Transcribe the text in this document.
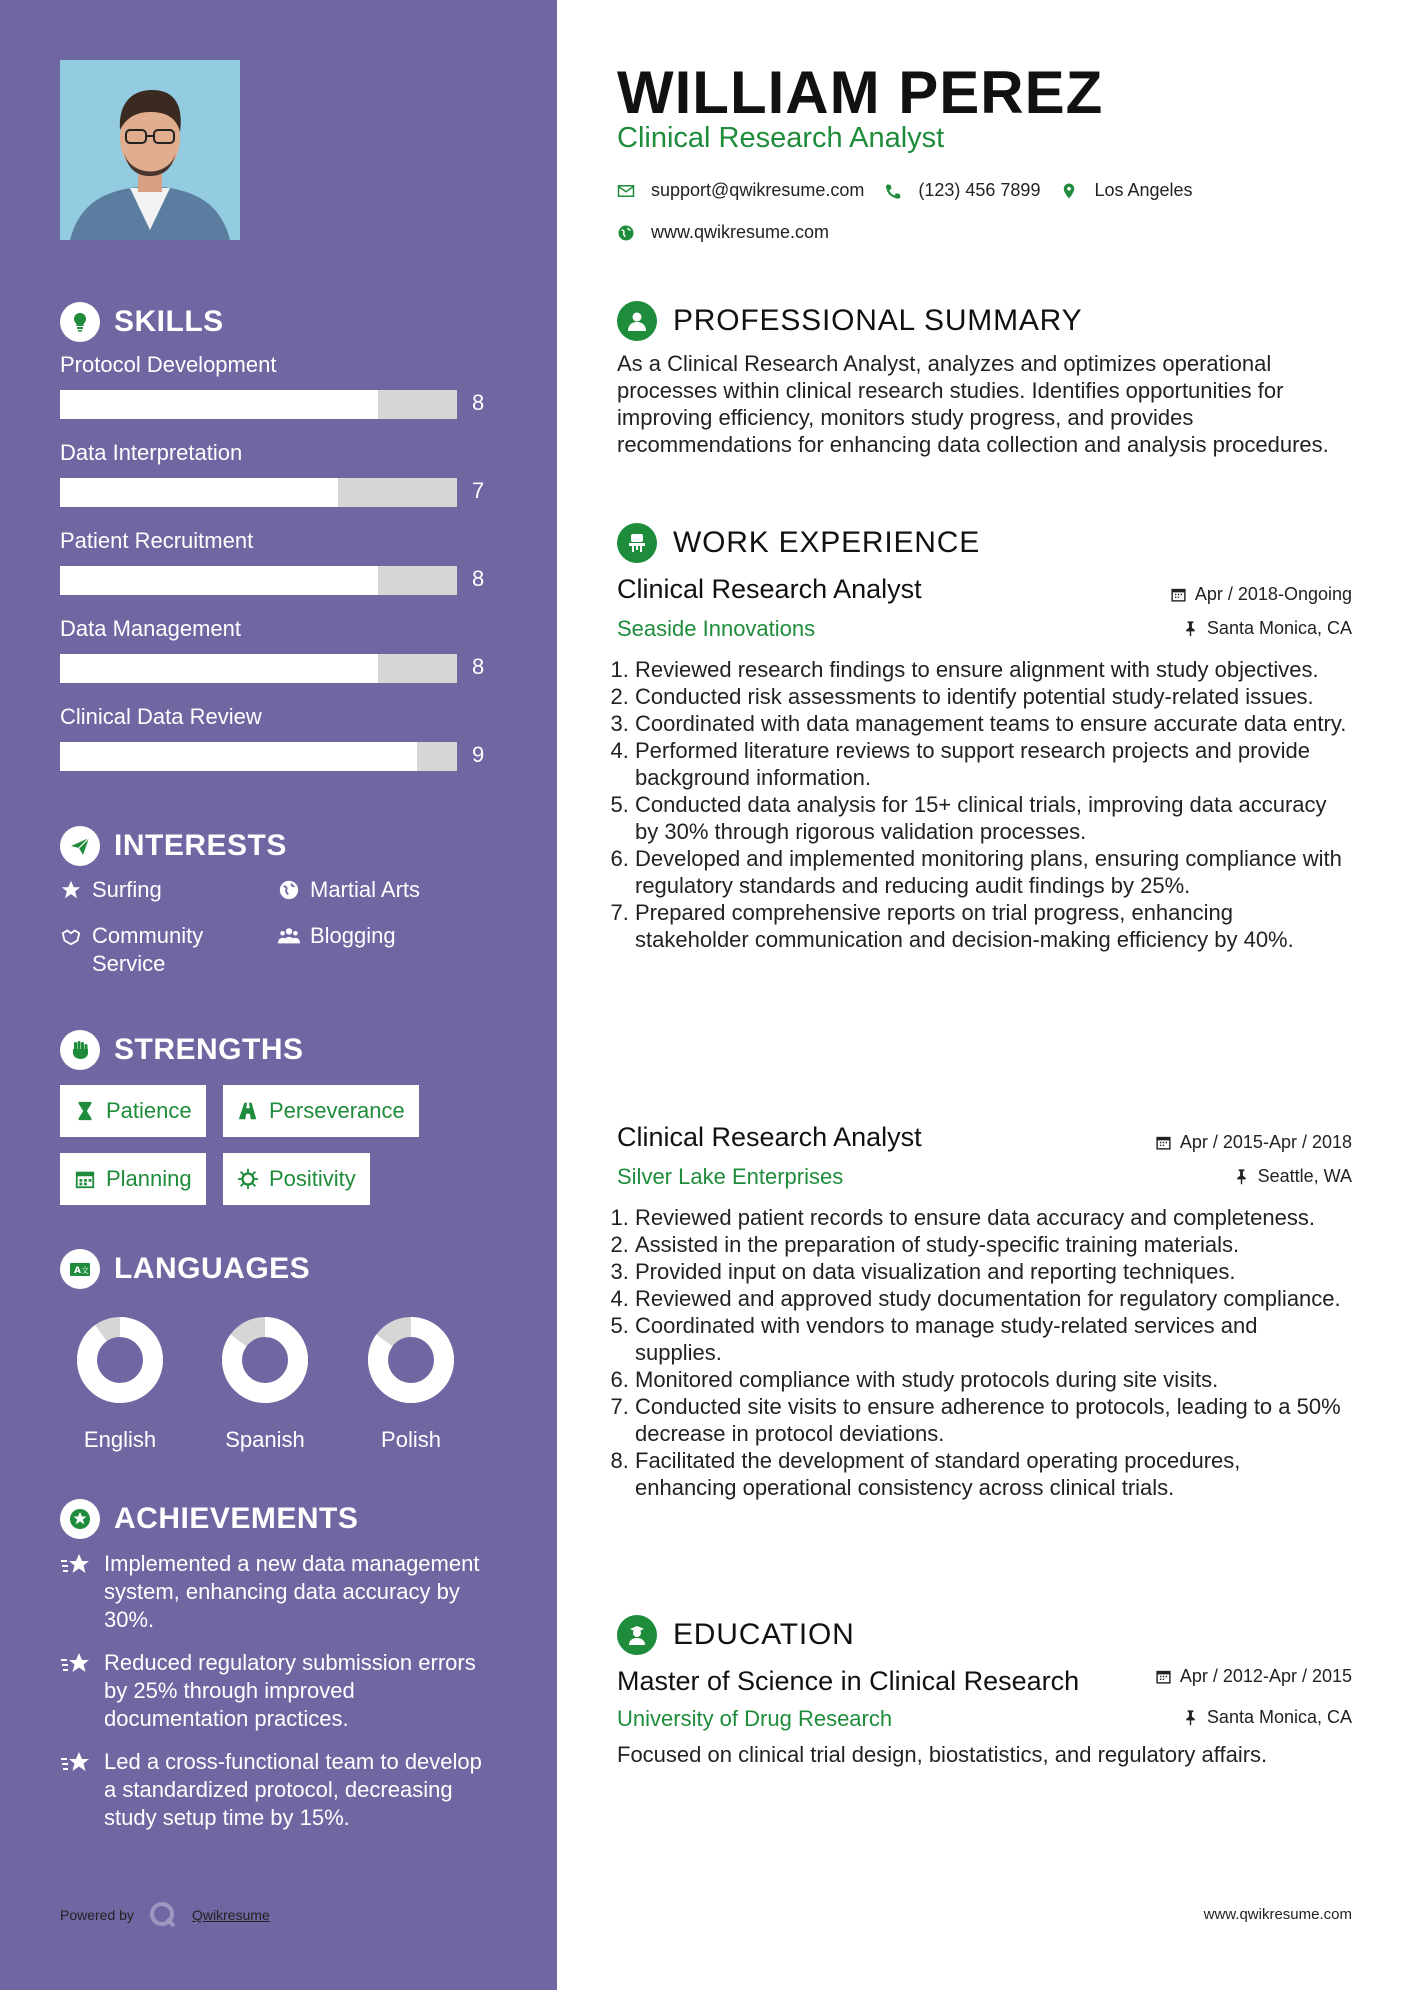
SKILLS
Protocol Development
8
Data Interpretation
7
Patient Recruitment
8
Data Management
8
Clinical Data Review
9
INTERESTS
Surfing	Martial Arts
Community Service
Blogging
STRENGTHS
Patience	Perseverance
Planning	Positivity
A 文 LANGUAGES
English	Spanish	Polish
ACHIEVEMENTS
Implemented a new data management system, enhancing data accuracy by 30%.
Reduced regulatory submission errors by 25% through improved documentation practices.
Led a cross-functional team to develop a standardized protocol, decreasing study setup time by 15%.
Powered by	Qwikresume
WILLIAM PEREZ
Clinical Research Analyst
support@qwikresume.com	(123) 456 7899	Los Angeles
www.qwikresume.com
PROFESSIONAL SUMMARY

As a Clinical Research Analyst, analyzes and optimizes operational processes within clinical research studies. Identifies opportunities for improving efficiency, monitors study progress, and provides recommendations for enhancing data collection and analysis procedures.

WORK EXPERIENCE
Clinical Research Analyst	Apr / 2018-Ongoing
Seaside Innovations	Santa Monica, CA
1. Reviewed research findings to ensure alignment with study objectives.
2. Conducted risk assessments to identify potential study-related issues.
3. Coordinated with data management teams to ensure accurate data entry.
4. Performed literature reviews to support research projects and provide background information.
5. Conducted data analysis for 15+ clinical trials, improving data accuracy by 30% through rigorous validation processes.
6. Developed and implemented monitoring plans, ensuring compliance with regulatory standards and reducing audit findings by 25%.
7. Prepared comprehensive reports on trial progress, enhancing stakeholder communication and decision-making efficiency by 40%.
Clinical Research Analyst	Apr / 2015-Apr / 2018
Silver Lake Enterprises	Seattle, WA
1. Reviewed patient records to ensure data accuracy and completeness.
2. Assisted in the preparation of study-specific training materials.
3. Provided input on data visualization and reporting techniques.
4. Reviewed and approved study documentation for regulatory compliance.
5. Coordinated with vendors to manage study-related services and supplies.
6. Monitored compliance with study protocols during site visits.
7. Conducted site visits to ensure adherence to protocols, leading to a 50% decrease in protocol deviations.
8. Facilitated the development of standard operating procedures, enhancing operational consistency across clinical trials.
EDUCATION
Master of Science in Clinical Research	Apr / 2012-Apr / 2015
University of Drug Research	Santa Monica, CA
Focused on clinical trial design, biostatistics, and regulatory affairs.
www.qwikresume.com
